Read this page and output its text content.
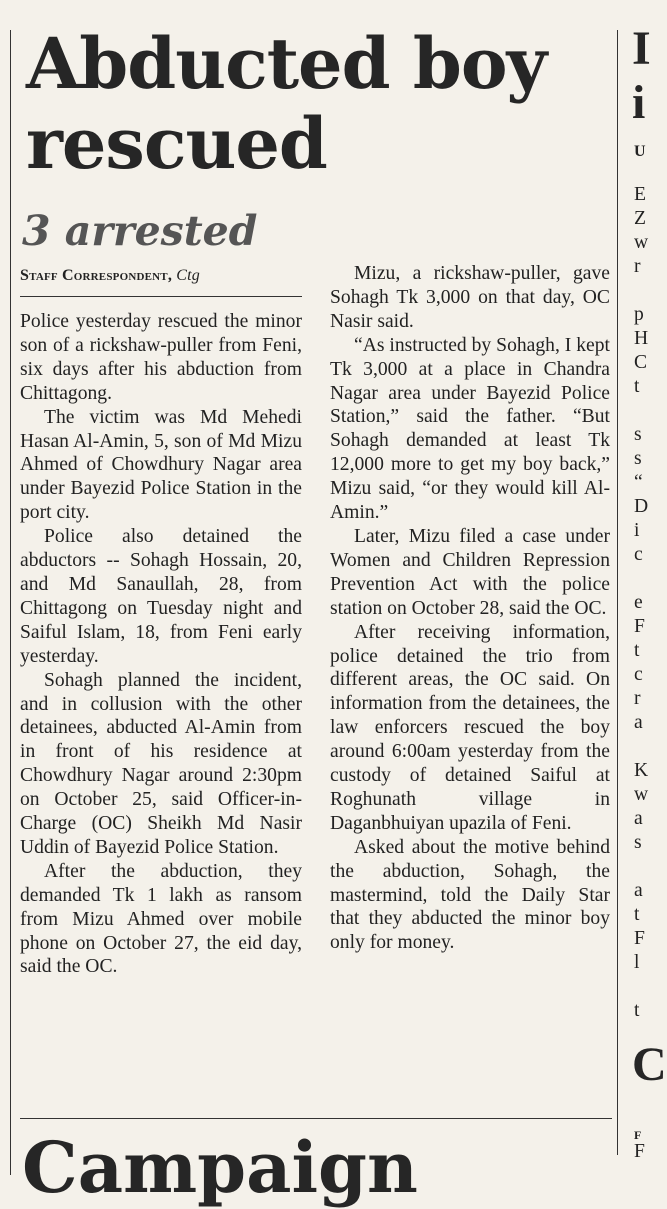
Abducted boy rescued
3 arrested
Staff Correspondent, Ctg

Police yesterday rescued the minor son of a rickshaw-puller from Feni, six days after his abduction from Chittagong.

The victim was Md Mehedi Hasan Al-Amin, 5, son of Md Mizu Ahmed of Chowdhury Nagar area under Bayezid Police Station in the port city.

Police also detained the abductors -- Sohagh Hossain, 20, and Md Sanaullah, 28, from Chittagong on Tuesday night and Saiful Islam, 18, from Feni early yesterday.

Sohagh planned the incident, and in collusion with the other detainees, abducted Al-Amin from in front of his residence at Chowdhury Nagar around 2:30pm on October 25, said Officer-in-Charge (OC) Sheikh Md Nasir Uddin of Bayezid Police Station.

After the abduction, they demanded Tk 1 lakh as ransom from Mizu Ahmed over mobile phone on October 27, the eid day, said the OC.

Mizu, a rickshaw-puller, gave Sohagh Tk 3,000 on that day, OC Nasir said.

“As instructed by Sohagh, I kept Tk 3,000 at a place in Chandra Nagar area under Bayezid Police Station,” said the father. “But Sohagh demanded at least Tk 12,000 more to get my boy back,” Mizu said, “or they would kill Al-Amin.”

Later, Mizu filed a case under Women and Children Repression Prevention Act with the police station on October 28, said the OC.

After receiving information, police detained the trio from different areas, the OC said. On information from the detainees, the law enforcers rescued the boy around 6:00am yesterday from the custody of detained Saiful at Roghunath village in Daganbhuiyan upazila of Feni.

Asked about the motive behind the abduction, Sohagh, the mastermind, told the Daily Star that they abducted the minor boy only for money.

Campaign
I
i
U
E
Z
w
r
p
H
C
t
s
s
“
D
i
c
e
F
t
c
r
a
K
w
a
s
a
t
F
l
t
C
F
F
